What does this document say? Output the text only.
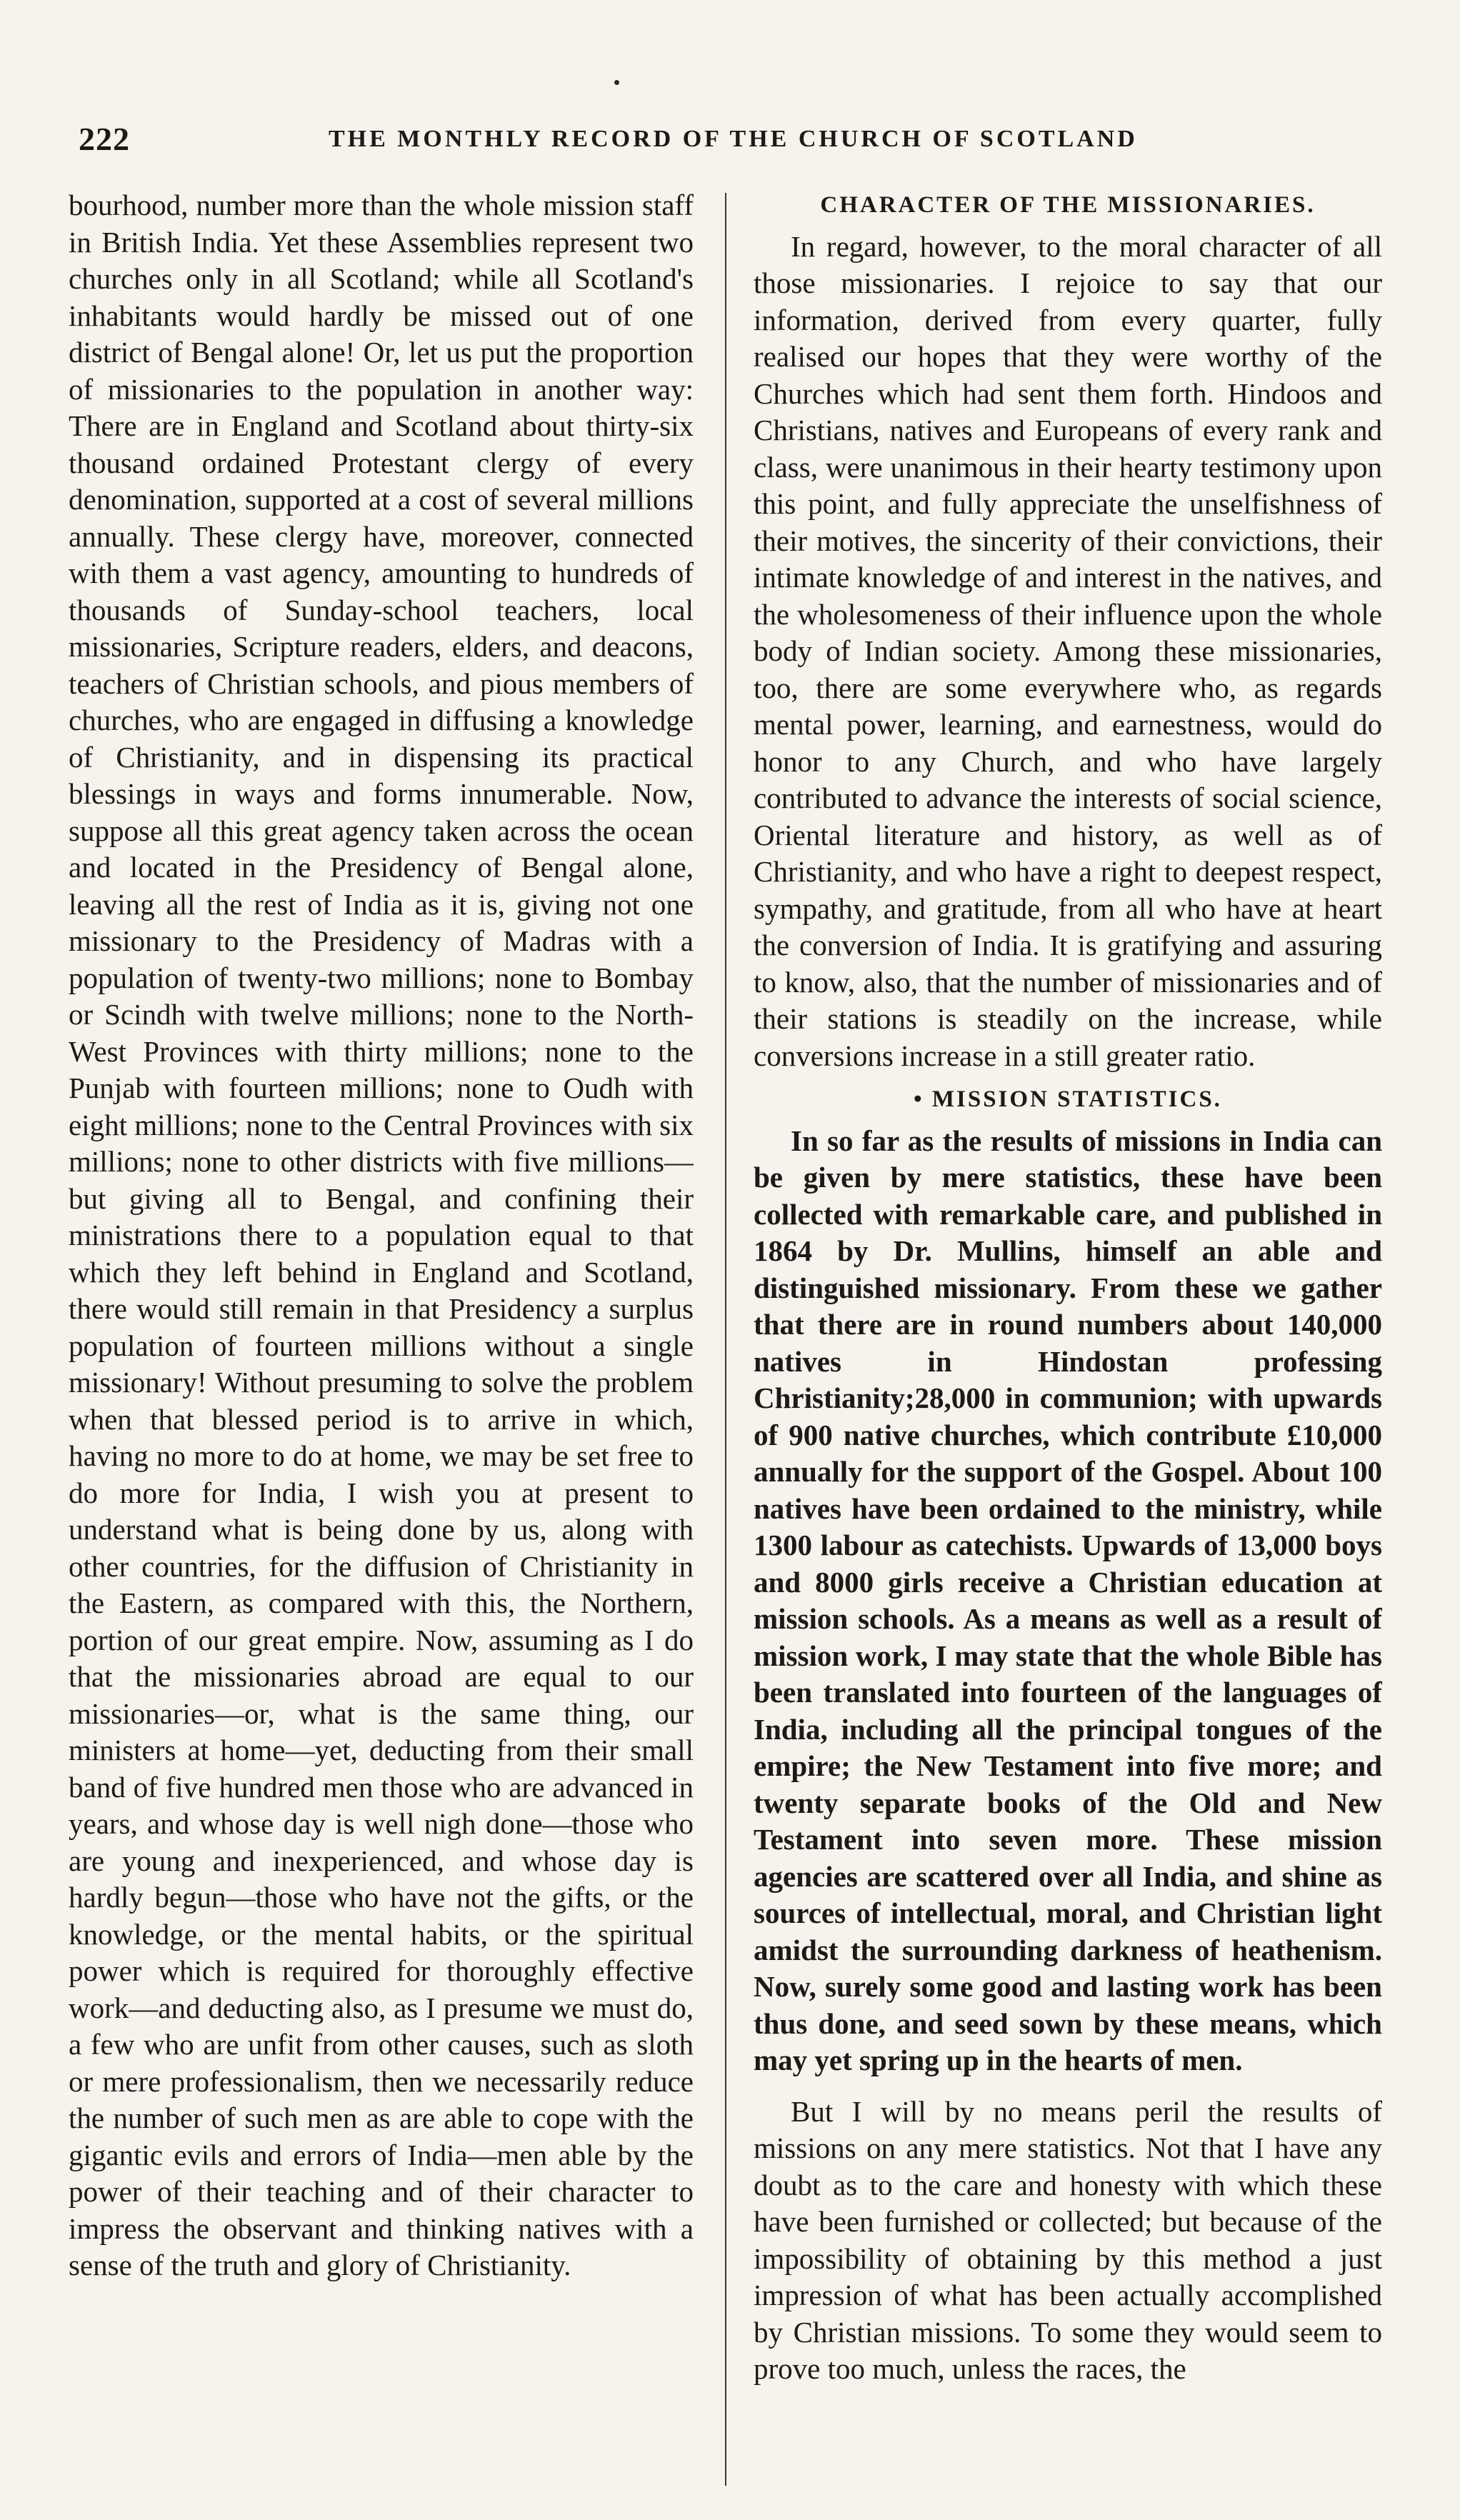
222	THE MONTHLY RECORD OF THE CHURCH OF SCOTLAND

bourhood, number more than the whole mission staff in British India. Yet these Assemblies represent two churches only in all Scotland; while all Scotland's inhabitants would hardly be missed out of one district of Bengal alone! Or, let us put the proportion of missionaries to the population in another way: There are in England and Scotland about thirty-six thousand ordained Protestant clergy of every denomination, supported at a cost of several millions annually. These clergy have, moreover, connected with them a vast agency, amounting to hundreds of thousands of Sunday-school teachers, local missionaries, Scripture readers, elders, and deacons, teachers of Christian schools, and pious members of churches, who are engaged in diffusing a knowledge of Christianity, and in dispensing its practical blessings in ways and forms innumerable. Now, suppose all this great agency taken across the ocean and located in the Presidency of Bengal alone, leaving all the rest of India as it is, giving not one missionary to the Presidency of Madras with a population of twenty-two millions; none to Bombay or Scindh with twelve millions; none to the North-West Provinces with thirty millions; none to the Punjab with fourteen millions; none to Oudh with eight millions; none to the Central Provinces with six millions; none to other districts with five millions—but giving all to Bengal, and confining their ministrations there to a population equal to that which they left behind in England and Scotland, there would still remain in that Presidency a surplus population of fourteen millions without a single missionary! Without presuming to solve the problem when that blessed period is to arrive in which, having no more to do at home, we may be set free to do more for India, I wish you at present to understand what is being done by us, along with other countries, for the diffusion of Christianity in the Eastern, as compared with this, the Northern, portion of our great empire. Now, assuming as I do that the missionaries abroad are equal to our missionaries—or, what is the same thing, our ministers at home—yet, deducting from their small band of five hundred men those who are advanced in years, and whose day is well nigh done—those who are young and inexperienced, and whose day is hardly begun—those who have not the gifts, or the knowledge, or the mental habits, or the spiritual power which is required for thoroughly effective work—and deducting also, as I presume we must do, a few who are unfit from other causes, such as sloth or mere professionalism, then we necessarily reduce the number of such men as are able to cope with the gigantic evils and errors of India—men able by the power of their teaching and of their character to impress the observant and thinking natives with a sense of the truth and glory of Christianity.

CHARACTER OF THE MISSIONARIES.

In regard, however, to the moral character of all those missionaries. I rejoice to say that our information, derived from every quarter, fully realised our hopes that they were worthy of the Churches which had sent them forth. Hindoos and Christians, natives and Europeans of every rank and class, were unanimous in their hearty testimony upon this point, and fully appreciate the unselfishness of their motives, the sincerity of their convictions, their intimate knowledge of and interest in the natives, and the wholesomeness of their influence upon the whole body of Indian society. Among these missionaries, too, there are some everywhere who, as regards mental power, learning, and earnestness, would do honor to any Church, and who have largely contributed to advance the interests of social science, Oriental literature and history, as well as of Christianity, and who have a right to deepest respect, sympathy, and gratitude, from all who have at heart the conversion of India. It is gratifying and assuring to know, also, that the number of missionaries and of their stations is steadily on the increase, while conversions increase in a still greater ratio.

• MISSION STATISTICS.

In so far as the results of missions in India can be given by mere statistics, these have been collected with remarkable care, and published in 1864 by Dr. Mullins, himself an able and distinguished missionary. From these we gather that there are in round numbers about 140,000 natives in Hindostan professing Christianity;28,000 in communion; with upwards of 900 native churches, which contribute £10,000 annually for the support of the Gospel. About 100 natives have been ordained to the ministry, while 1300 labour as catechists. Upwards of 13,000 boys and 8000 girls receive a Christian education at mission schools. As a means as well as a result of mission work, I may state that the whole Bible has been translated into fourteen of the languages of India, including all the principal tongues of the empire; the New Testament into five more; and twenty separate books of the Old and New Testament into seven more. These mission agencies are scattered over all India, and shine as sources of intellectual, moral, and Christian light amidst the surrounding darkness of heathenism. Now, surely some good and lasting work has been thus done, and seed sown by these means, which may yet spring up in the hearts of men.

But I will by no means peril the results of missions on any mere statistics. Not that I have any doubt as to the care and honesty with which these have been furnished or collected; but because of the impossibility of obtaining by this method a just impression of what has been actually accomplished by Christian missions. To some they would seem to prove too much, unless the races, the
